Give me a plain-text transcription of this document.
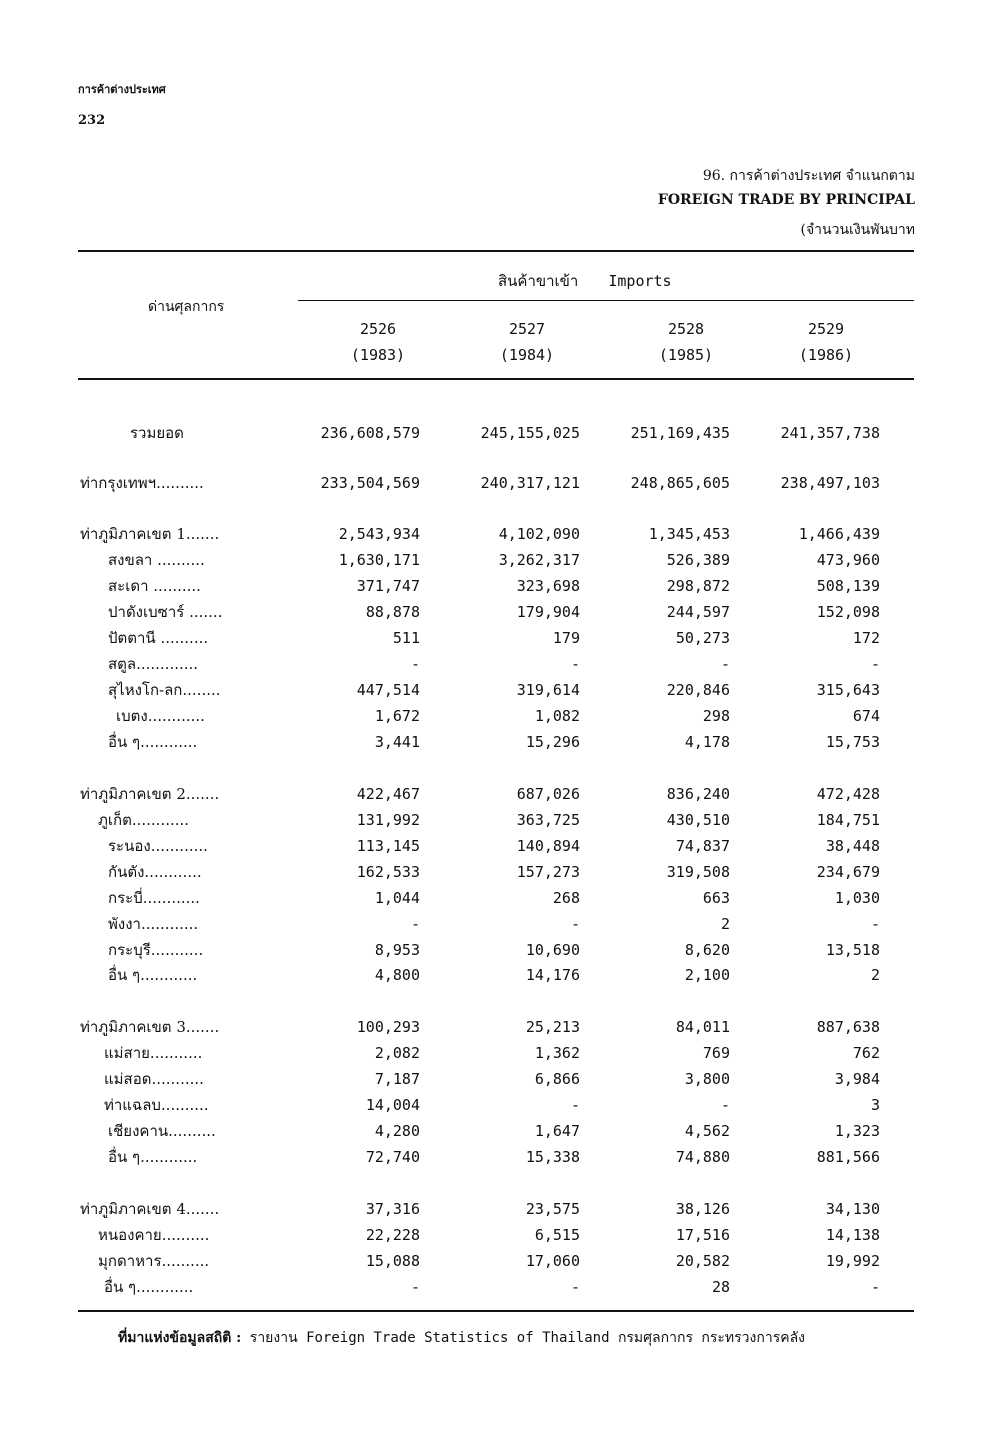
การค้าต่างประเทศ
232
96. การค้าต่างประเทศ จำแนกตาม
FOREIGN TRADE BY PRINCIPAL
(จำนวนเงินพันบาท
ด่านศุลกากร
สินค้าขาเข้า Imports
2526
(1983)
2527
(1984)
2528
(1985)
2529
(1986)
รวมยอด	236,608,579	245,155,025	251,169,435	241,357,738
ท่ากรุงเทพฯ..........	233,504,569	240,317,121	248,865,605	238,497,103
ท่าภูมิภาคเขต 1.......	2,543,934	4,102,090	1,345,453	1,466,439
สงขลา ..........	1,630,171	3,262,317	526,389	473,960
สะเดา ..........	371,747	323,698	298,872	508,139
ปาดังเบซาร์ .......	88,878	179,904	244,597	152,098
ปัตตานี ..........	511	179	50,273	172
สตูล.............	-	-	-	-
สุไหงโก-ลก........	447,514	319,614	220,846	315,643
เบตง............	1,672	1,082	298	674
อื่น ๆ............	3,441	15,296	4,178	15,753
ท่าภูมิภาคเขต 2.......	422,467	687,026	836,240	472,428
ภูเก็ต............	131,992	363,725	430,510	184,751
ระนอง............	113,145	140,894	74,837	38,448
กันตัง............	162,533	157,273	319,508	234,679
กระบี่............	1,044	268	663	1,030
พังงา............	-	-	2	-
กระบุรี...........	8,953	10,690	8,620	13,518
อื่น ๆ............	4,800	14,176	2,100	2
ท่าภูมิภาคเขต 3.......	100,293	25,213	84,011	887,638
แม่สาย...........	2,082	1,362	769	762
แม่สอด...........	7,187	6,866	3,800	3,984
ท่าแฉลบ..........	14,004	-	-	3
เชียงคาน..........	4,280	1,647	4,562	1,323
อื่น ๆ............	72,740	15,338	74,880	881,566
ท่าภูมิภาคเขต 4.......	37,316	23,575	38,126	34,130
หนองคาย..........	22,228	6,515	17,516	14,138
มุกดาหาร..........	15,088	17,060	20,582	19,992
อื่น ๆ............	-	-	28	-
ที่มาแห่งข้อมูลสถิติ : รายงาน Foreign Trade Statistics of Thailand กรมศุลกากร กระทรวงการคลัง
